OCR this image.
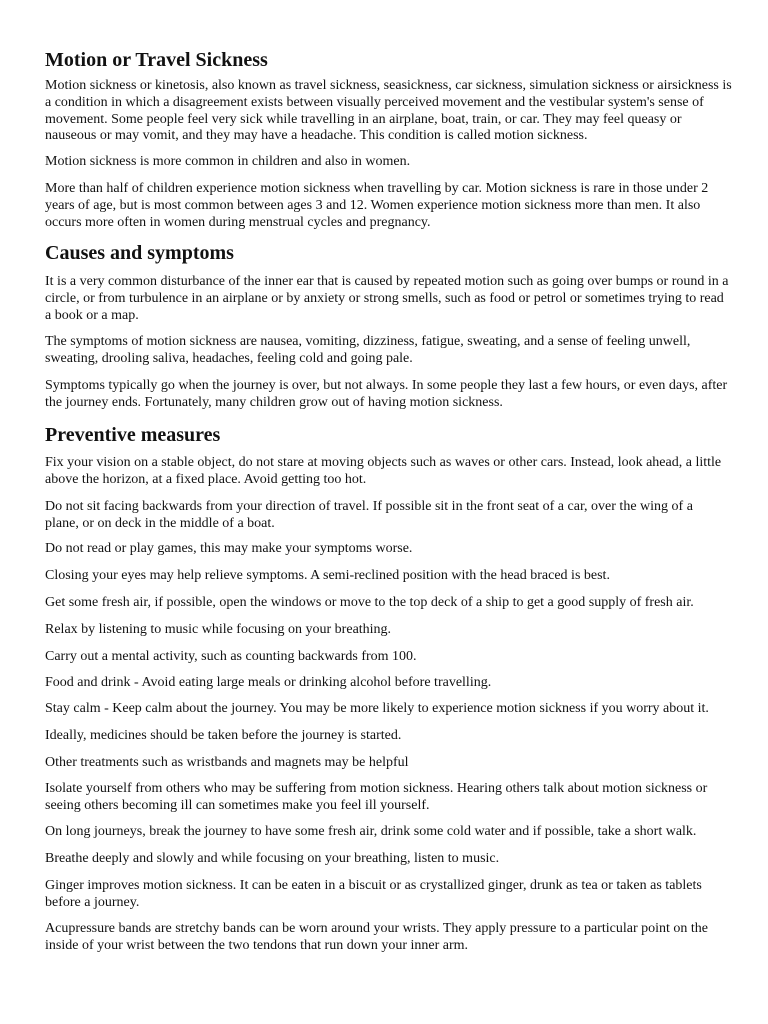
Motion or Travel Sickness
Motion sickness or kinetosis, also known as travel sickness, seasickness, car sickness, simulation sickness or airsickness is
a condition in which a disagreement exists between visually perceived movement and the vestibular system's sense of
movement. Some people feel very sick while travelling in an airplane, boat, train, or car. They may feel queasy or
nauseous or may vomit, and they may have a headache. This condition is called motion sickness.
Motion sickness is more common in children and also in women.
More than half of children experience motion sickness when travelling by car. Motion sickness is rare in those under 2
years of age, but is most common between ages 3 and 12. Women experience motion sickness more than men. It also
occurs more often in women during menstrual cycles and pregnancy.
Causes and symptoms
It is a very common disturbance of the inner ear that is caused by repeated motion such as going over bumps or round in a
circle, or from turbulence in an airplane or by anxiety or strong smells, such as food or petrol or sometimes trying to read
a book or a map.
The symptoms of motion sickness are nausea, vomiting, dizziness, fatigue, sweating, and a sense of feeling unwell,
sweating, drooling saliva, headaches, feeling cold and going pale.
Symptoms typically go when the journey is over, but not always. In some people they last a few hours, or even days, after
the journey ends. Fortunately, many children grow out of having motion sickness.
Preventive measures
Fix your vision on a stable object, do not stare at moving objects such as waves or other cars. Instead, look ahead, a little
above the horizon, at a fixed place. Avoid getting too hot.
Do not sit facing backwards from your direction of travel. If possible sit in the front seat of a car, over the wing of a
plane, or on deck in the middle of a boat.
Do not read or play games, this may make your symptoms worse.
Closing your eyes may help relieve symptoms. A semi-reclined position with the head braced is best.
Get some fresh air, if possible, open the windows or move to the top deck of a ship to get a good supply of fresh air.
Relax by listening to music while focusing on your breathing.
Carry out a mental activity, such as counting backwards from 100.
Food and drink - Avoid eating large meals or drinking alcohol before travelling.
Stay calm - Keep calm about the journey. You may be more likely to experience motion sickness if you worry about it.
Ideally, medicines should be taken before the journey is started.
Other treatments such as wristbands and magnets may be helpful
Isolate yourself from others who may be suffering from motion sickness. Hearing others talk about motion sickness or
seeing others becoming ill can sometimes make you feel ill yourself.
On long journeys, break the journey to have some fresh air, drink some cold water and if possible, take a short walk.
Breathe deeply and slowly and while focusing on your breathing, listen to music.
Ginger improves motion sickness. It can be eaten in a biscuit or as crystallized ginger, drunk as tea or taken as tablets
before a journey.
Acupressure bands are stretchy bands can be worn around your wrists. They apply pressure to a particular point on the
inside of your wrist between the two tendons that run down your inner arm.
